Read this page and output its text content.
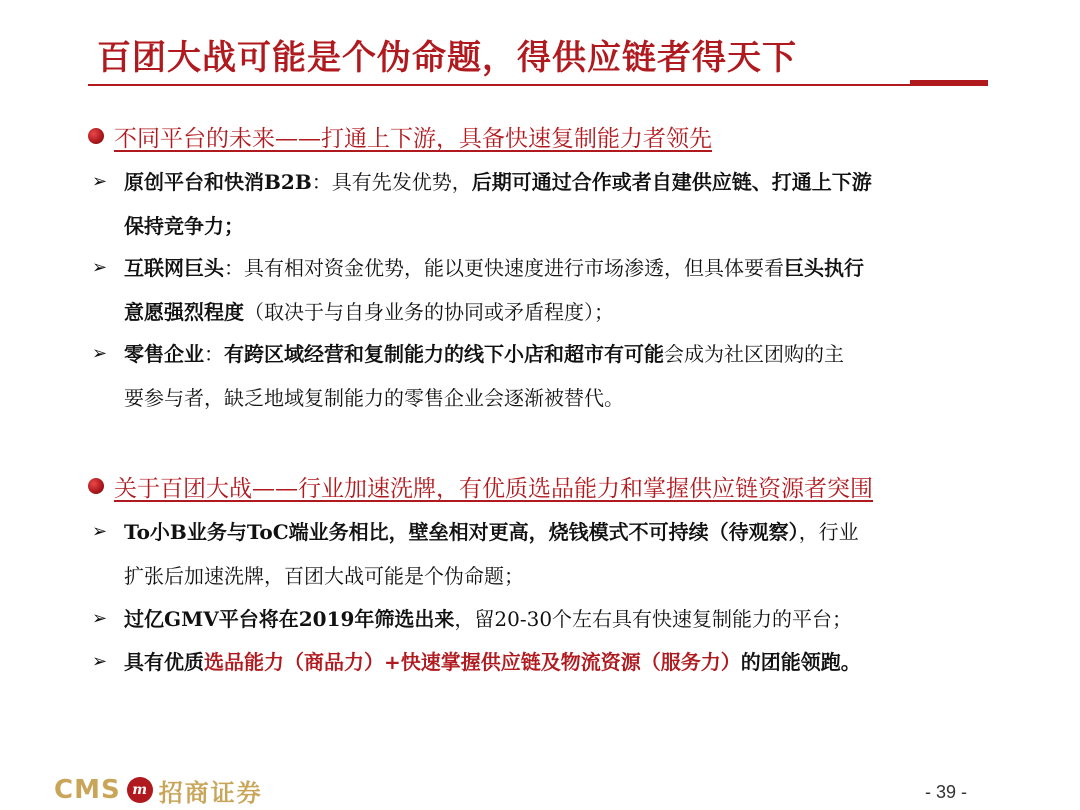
百团大战可能是个伪命题，得供应链者得天下
不同平台的未来——打通上下游，具备快速复制能力者领先
➢ 原创平台和快消B2B：具有先发优势，后期可通过合作或者自建供应链、打通上下游
保持竞争力；
➢ 互联网巨头：具有相对资金优势，能以更快速度进行市场渗透，但具体要看巨头执行
意愿强烈程度（取决于与自身业务的协同或矛盾程度）；
➢ 零售企业：有跨区域经营和复制能力的线下小店和超市有可能会成为社区团购的主
要参与者，缺乏地域复制能力的零售企业会逐渐被替代。
关于百团大战——行业加速洗牌，有优质选品能力和掌握供应链资源者突围
➢ To小B业务与ToC端业务相比，壁垒相对更高，烧钱模式不可持续（待观察），行业
扩张后加速洗牌，百团大战可能是个伪命题；
➢ 过亿GMV平台将在2019年筛选出来，留20-30个左右具有快速复制能力的平台；
➢ 具有优质选品能力（商品力）+快速掌握供应链及物流资源（服务力）的团能领跑。
CMS m 招商证券	- 39 -
